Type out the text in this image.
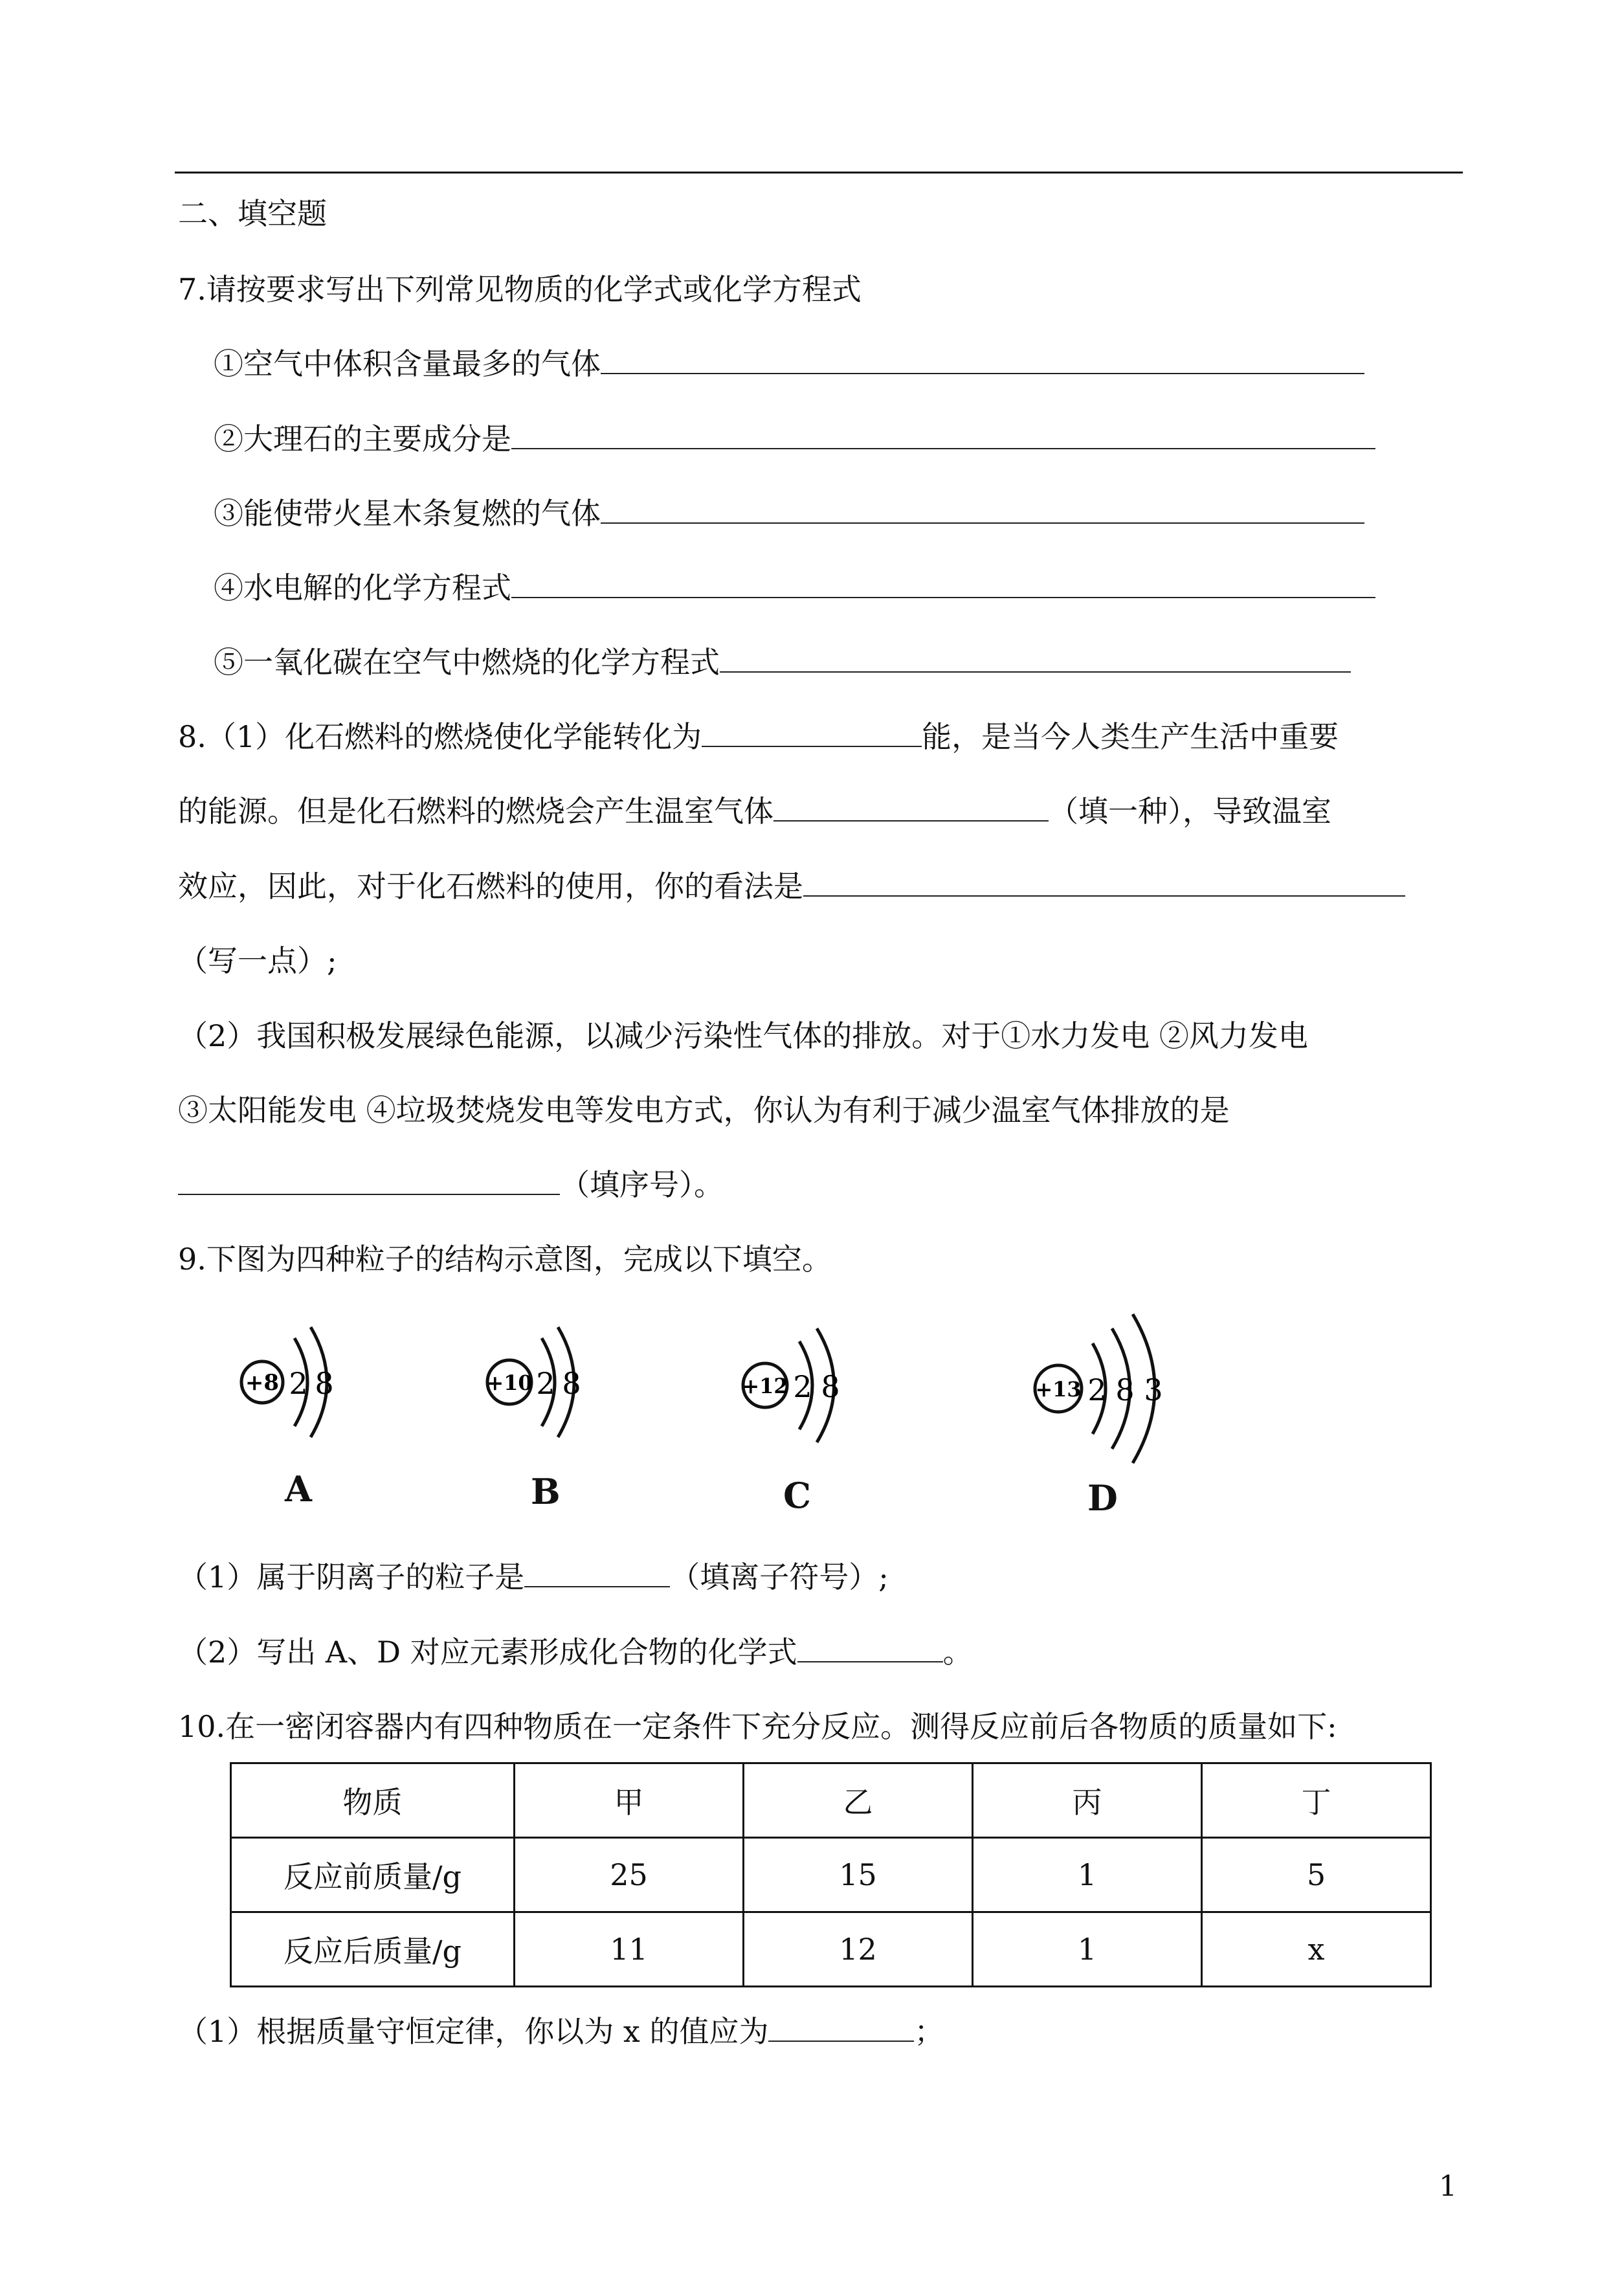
二、填空题
7.请按要求写出下列常见物质的化学式或化学方程式
①空气中体积含量最多的气体
②大理石的主要成分是
③能使带火星木条复燃的气体
④水电解的化学方程式
⑤一氧化碳在空气中燃烧的化学方程式
8.（1）化石燃料的燃烧使化学能转化为	能，是当今人类生产生活中重要
的能源。但是化石燃料的燃烧会产生温室气体	（填一种），导致温室
效应，因此，对于化石燃料的使用，你的看法是
（写一点）;
（2）我国积极发展绿色能源，以减少污染性气体的排放。对于①水力发电 ②风力发电
③太阳能发电 ④垃圾焚烧发电等发电方式，你认为有利于减少温室气体排放的是
（填序号）。
9.下图为四种粒子的结构示意图，完成以下填空。
+8 2 8
A
+10 2 8
B
+12 2 8
C
+13 2 8 3
D
（1）属于阴离子的粒子是	（填离子符号）;
（2）写出 A、D 对应元素形成化合物的化学式	。
10.在一密闭容器内有四种物质在一定条件下充分反应。测得反应前后各物质的质量如下:
物质	甲	乙	丙	丁
反应前质量/g	25	15	1	5
反应后质量/g	11	12	1	x
（1）根据质量守恒定律，你以为 x 的值应为	；
1
